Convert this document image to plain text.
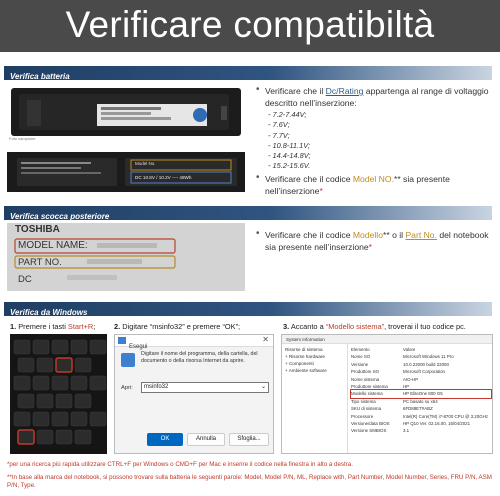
Verificare compatibiltà
Verifica batteria
Foto campione
Model No.
DC 10.8V / 10.2V ---- 48Wh
• Verificare che il Dc/Rating appartenga al range di voltaggio descritto nell’inserzione:
- 7.2-7.44V;
- 7.6V;
- 7.7V;
- 10.8-11.1V;
- 14.4-14.8V;
- 15.2-15.6V.
• Verificare che il codice Model NO.** sia presente nell’inserzione*
Verifica scocca posteriore
TOSHIBA
MODEL NAME:
PART NO.
DC
• Verificare che il codice Modello** o il Part No. del notebook sia presente nell’inserzione*
Verifica da Windows
1. Premere i tasti Start+R;	2. Digitare “msinfo32” e premere “OK”;	3. Accanto a “Modello sistema”, troverai il tuo codice pc.
Esegui
✕
Digitare il nome del programma, della cartella, del documento o della risorsa Internet da aprire.
Apri:	msinfo32	⌄
OK	Annulla	Sfoglia...
System Information
Risorse di sistema
+ Risorse hardware
+ Componenti
+ Ambiente software
Elemento	Valore
Nome SO	Microsoft Windows 11 Pro
Versione	10.0.22000 build 22000
Produttore SO	Microsoft Corporation
Nome sistema	AIO-HP
Produttore sistema	HP
Modello sistema	HP EliteOne 800 G5
Tipo sistema	PC basato su x64
SKU di sistema	6FD88ET#ABZ
Processore	Intel(R) Core(TM) i7-8700 CPU @ 3.20GHz
Versione/data BIOS	HP Q10 Ver. 02.16.00, 16/04/2021
Versione SMBIOS	3.1
*per una ricerca più rapida utilizzare CTRL+F per Windows o CMD+F per Mac e inserire il codice nella finestra in alto a destra.
**In base alla marca del notebook, si possono trovare sulla batteria le seguenti parole: Model, Model P/N, ML, Replace with, Part Number, Model Number, Series, FRU P/N, ASM P/N, Type.
